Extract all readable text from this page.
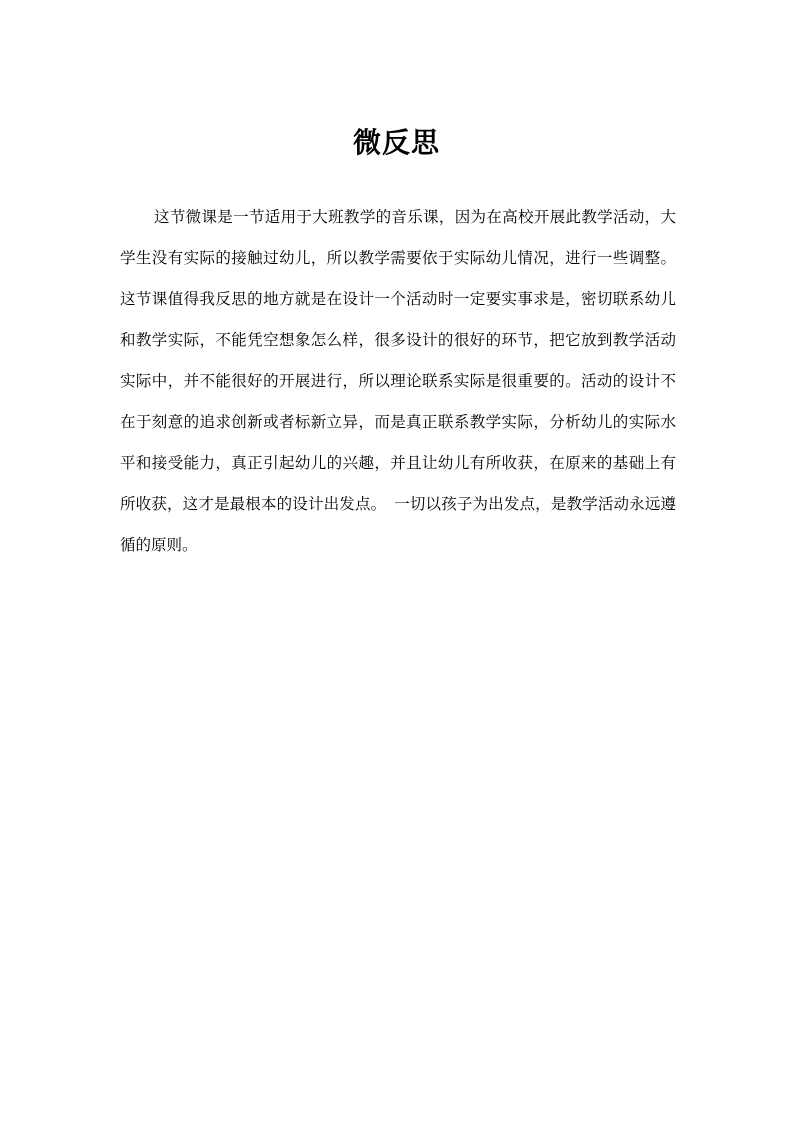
微反思

这节微课是一节适用于大班教学的音乐课，因为在高校开展此教学活动，大学生没有实际的接触过幼儿，所以教学需要依于实际幼儿情况，进行一些调整。这节课值得我反思的地方就是在设计一个活动时一定要实事求是，密切联系幼儿和教学实际，不能凭空想象怎么样，很多设计的很好的环节，把它放到教学活动实际中，并不能很好的开展进行，所以理论联系实际是很重要的。活动的设计不在于刻意的追求创新或者标新立异，而是真正联系教学实际，分析幼儿的实际水平和接受能力，真正引起幼儿的兴趣，并且让幼儿有所收获，在原来的基础上有所收获，这才是最根本的设计出发点。　一切以孩子为出发点，是教学活动永远遵循的原则。
